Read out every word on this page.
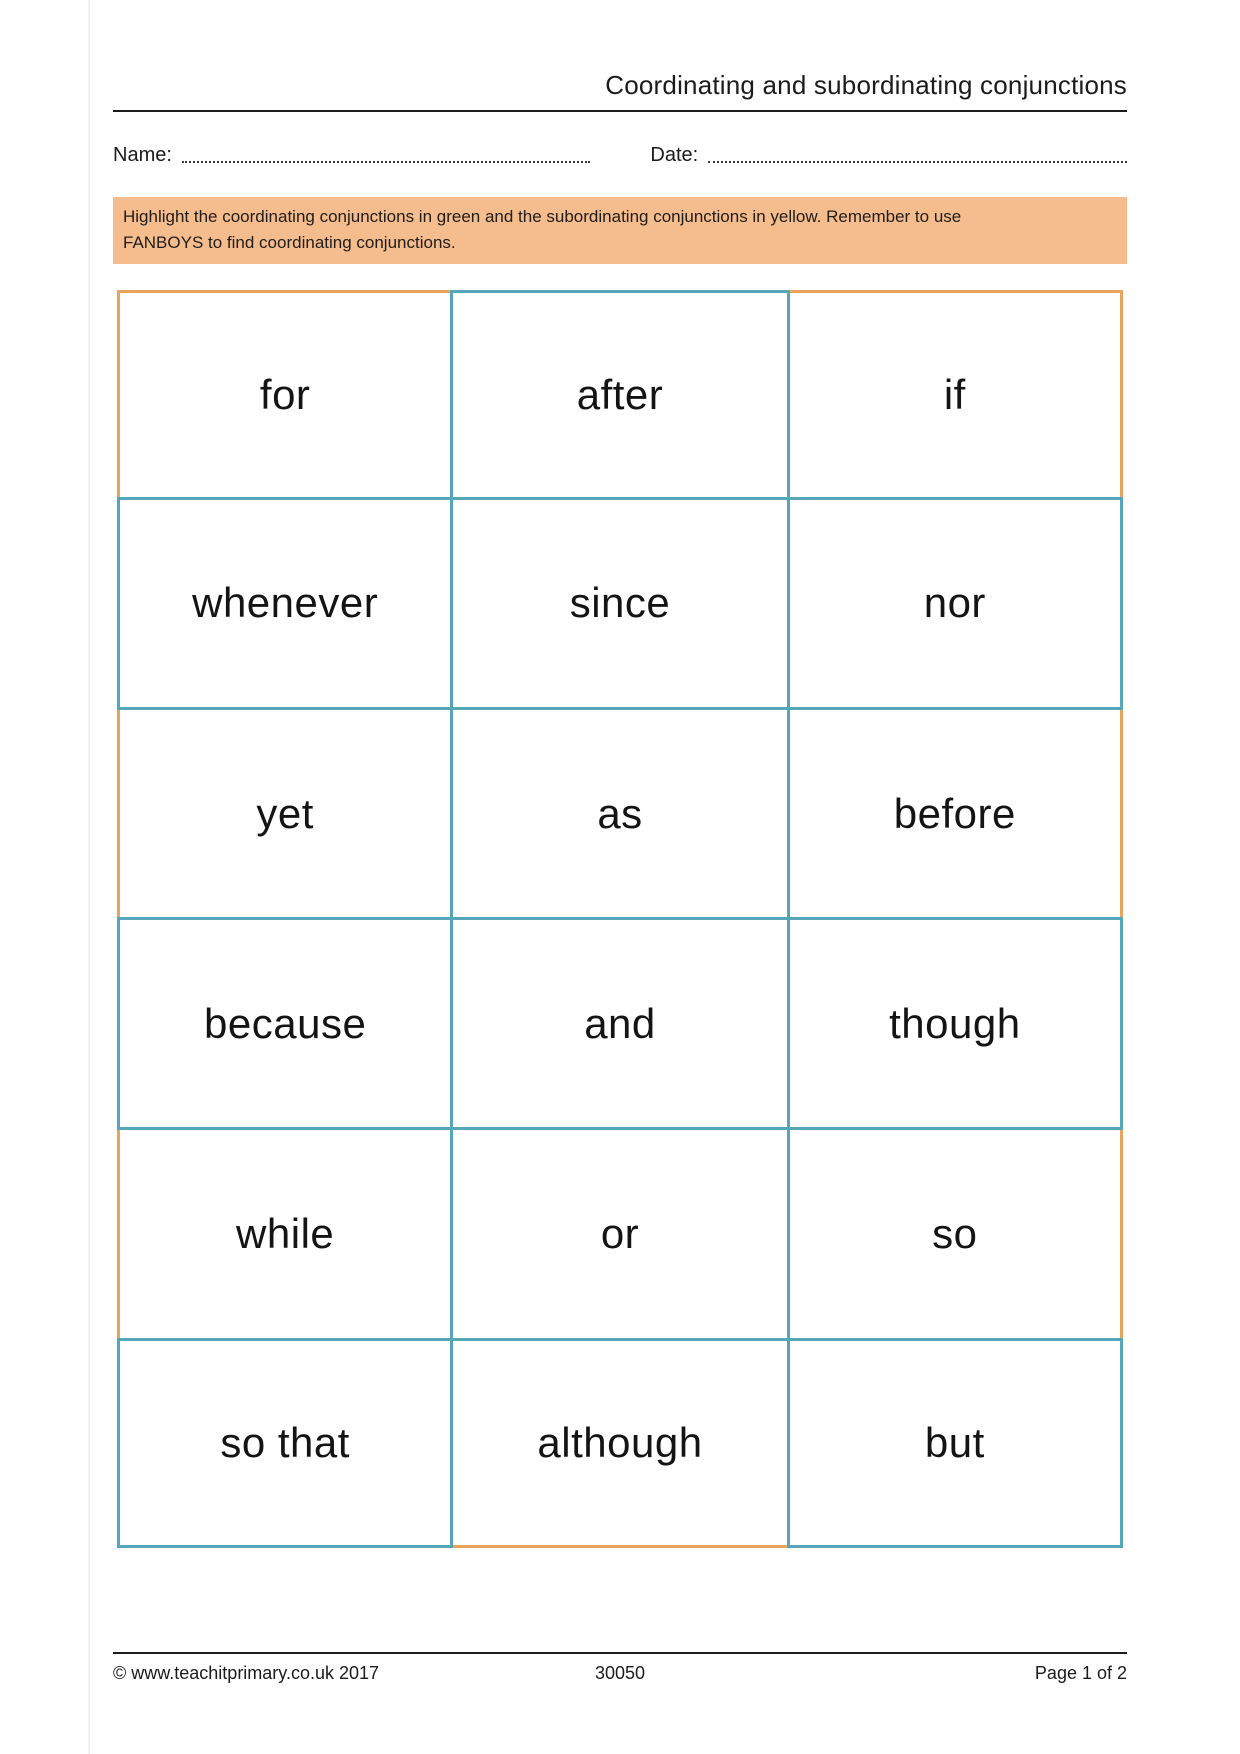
Coordinating and subordinating conjunctions
Name:	Date:

Highlight the coordinating conjunctions in green and the subordinating conjunctions in yellow. Remember to use FANBOYS to find coordinating conjunctions.

for	after	if
whenever	since	nor
yet	as	before
because	and	though
while	or	so
so that	although	but
© www.teachitprimary.co.uk 2017	30050	Page 1 of 2
